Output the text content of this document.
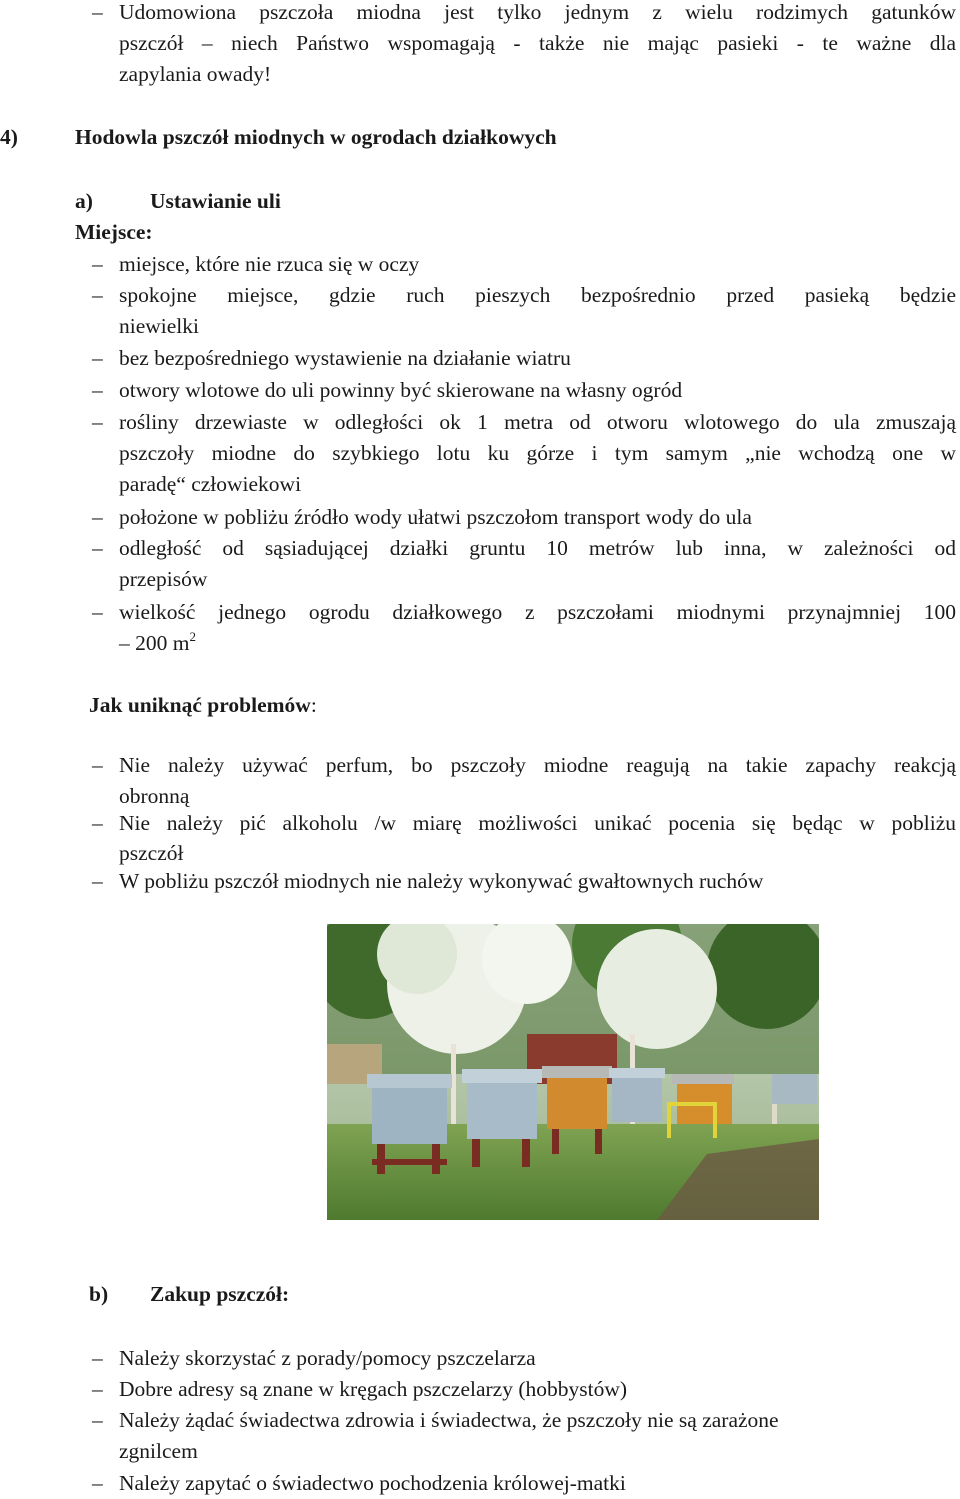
– Udomowiona pszczoła miodna jest tylko jednym z wielu rodzimych gatunków
pszczół – niech Państwo wspomagają - także nie mając pasieki - te ważne dla
zapylania owady!
4)	Hodowla pszczół miodnych w ogrodach działkowych
a)	Ustawianie uli
Miejsce:
– miejsce, które nie rzuca się w oczy
– spokojne miejsce, gdzie ruch pieszych bezpośrednio przed pasieką będzie
niewielki
– bez bezpośredniego wystawienie na działanie wiatru
– otwory wlotowe do uli powinny być skierowane na własny ogród
– rośliny drzewiaste w odległości ok 1 metra od otworu wlotowego do ula zmuszają
pszczoły miodne do szybkiego lotu ku górze i tym samym „nie wchodzą one w
paradę“ człowiekowi
– położone w pobliżu źródło wody ułatwi pszczołom transport wody do ula
– odległość od sąsiadującej działki gruntu 10 metrów lub inna, w zależności od
przepisów
– wielkość jednego ogrodu działkowego z pszczołami miodnymi przynajmniej 100
– 200 $m^2$
Jak uniknąć problemów:
– Nie należy używać perfum, bo pszczoły miodne reagują na takie zapachy reakcją
obronną
– Nie należy pić alkoholu /w miarę możliwości unikać pocenia się będąc w pobliżu
pszczół
– W pobliżu pszczół miodnych nie należy wykonywać gwałtownych ruchów
b) Zakup pszczół:
– Należy skorzystać z porady/pomocy pszczelarza
– Dobre adresy są znane w kręgach pszczelarzy (hobbystów)
– Należy żądać świadectwa zdrowia i świadectwa, że pszczoły nie są zarażone
zgnilcem
– Należy zapytać o świadectwo pochodzenia królowej-matki
